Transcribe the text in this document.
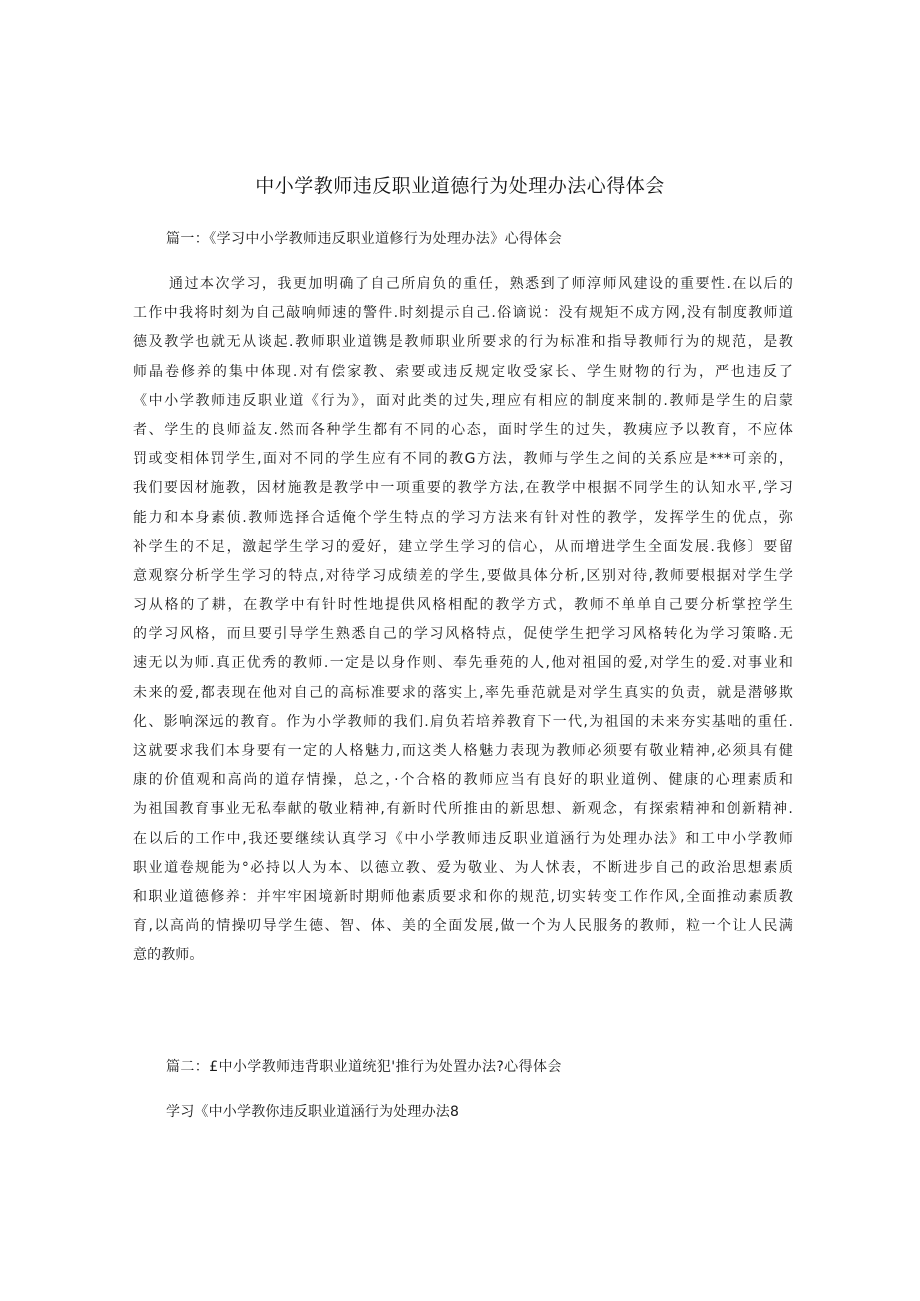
中小学教师违反职业道德行为处理办法心得体会
篇一：《学习中小学教师违反职业道修行为处理办法》心得体会
通过本次学习，我更加明确了自己所肩负的重任，熟悉到了师淳师风建设的重要性.在以后的
工作中我将时刻为自己敲响师速的警件.时刻提示自己.俗谪说：没有规矩不成方网,没有制度教师道
德及教学也就无从谈起.教师职业道镌是教师职业所要求的行为标准和指导教师行为的规范，是教
师晶卷修养的集中体现.对有偿家教、索要或违反规定收受家长、学生财物的行为，严也违反了
《中小学教师违反职业道《行为》，面对此类的过失,理应有相应的制度来制的.教师是学生的启蒙
者、学生的良师益友.然而各种学生都有不同的心态，面时学生的过失，教痍应予以教育，不应体
罚或变相体罚学生,面对不同的学生应有不同的教G方法，教师与学生之间的关系应是***可亲的，
我们要因材施教，因材施教是教学中一项重要的教学方法,在教学中根据不同学生的认知水平,学习
能力和本身素侦.教师选择合适俺个学生特点的学习方法来有针对性的教学，发挥学生的优点，弥
补学生的不足，激起学生学习的爱好，建立学生学习的信心，从而增进学生全面发展.我修〕要留
意观察分析学生学习的特点,对待学习成绩差的学生,要做具体分析,区别对待,教师要根据对学生学
习从格的了耕，在教学中有针时性地提供风格相配的教学方式，教师不单单自己要分析掌控学生
的学习风格，而旦要引导学生熟悉自己的学习风格特点，促使学生把学习风格转化为学习策略.无
速无以为师.真正优秀的教师.一定是以身作则、奉先垂苑的人,他对祖国的爱,对学生的爱.对事业和
未来的爱,都表现在他对自己的高标准要求的落实上,率先垂范就是对学生真实的负责，就是潜够欺
化、影响深远的教育。作为小学教师的我们.肩负若培养教育下一代,为祖国的未来夯实基咄的重任.
这就要求我们本身要有一定的人格魅力,而这类人格魅力表现为教师必须要有敬业精神,必须具有健
康的价值观和高尚的道存情操，总之，·个合格的教师应当有良好的职业道例、健康的心理素质和
为祖国教育事业无私奉献的敬业精神,有新时代所推由的新思想、新观念，有探索精神和创新精神.
在以后的工作中,我还要继续认真学习《中小学教师违反职业道涵行为处理办法》和工中小学教师
职业道卷规能为°必持以人为本、以德立教、爱为敬业、为人怵表，不断进步自己的政治思想素质
和职业道德修养：并牢牢困境新时期师他素质要求和你的规范,切实转变工作作风,全面推动素质教
育,以高尚的情操叨导学生德、智、体、美的全面发展,做一个为人民服务的教师，粒一个让人民满
意的教师。
篇二：£中小学教师违背职业道统犯'推行为处置办法?心得体会
学习《中小学教你违反职业道涵行为处理办法8
